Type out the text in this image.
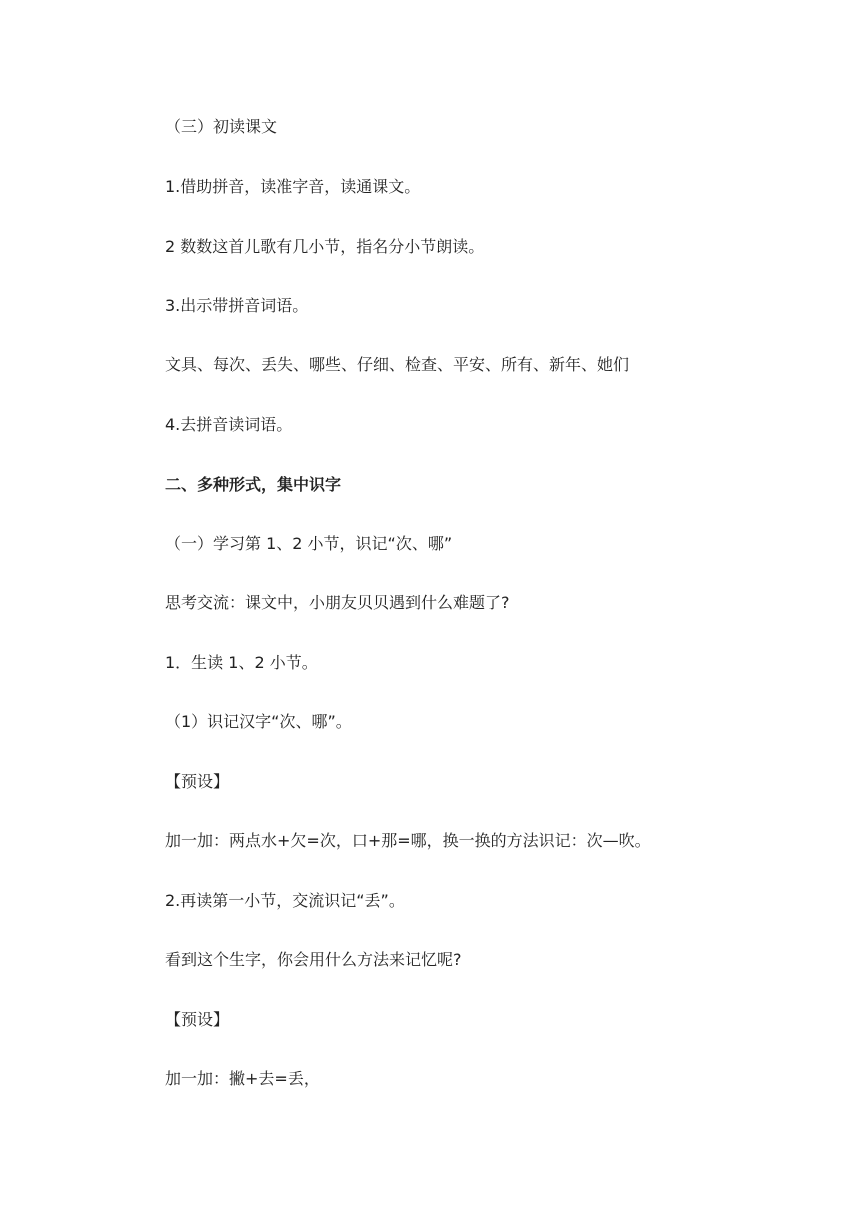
（三）初读课文
1.借助拼音，读准字音，读通课文。
2 数数这首儿歌有几小节，指名分小节朗读。
3.出示带拼音词语。
文具、每次、丢失、哪些、仔细、检查、平安、所有、新年、她们
4.去拼音读词语。
二、多种形式，集中识字
（一）学习第 1、2 小节，识记“次、哪”
思考交流：课文中，小朋友贝贝遇到什么难题了?
1．生读 1、2 小节。
（1）识记汉字“次、哪”。
【预设】
加一加：两点水+欠=次，口+那=哪，换一换的方法识记：次—吹。
2.再读第一小节，交流识记“丢”。
看到这个生字，你会用什么方法来记忆呢?
【预设】
加一加：撇+去=丢，
